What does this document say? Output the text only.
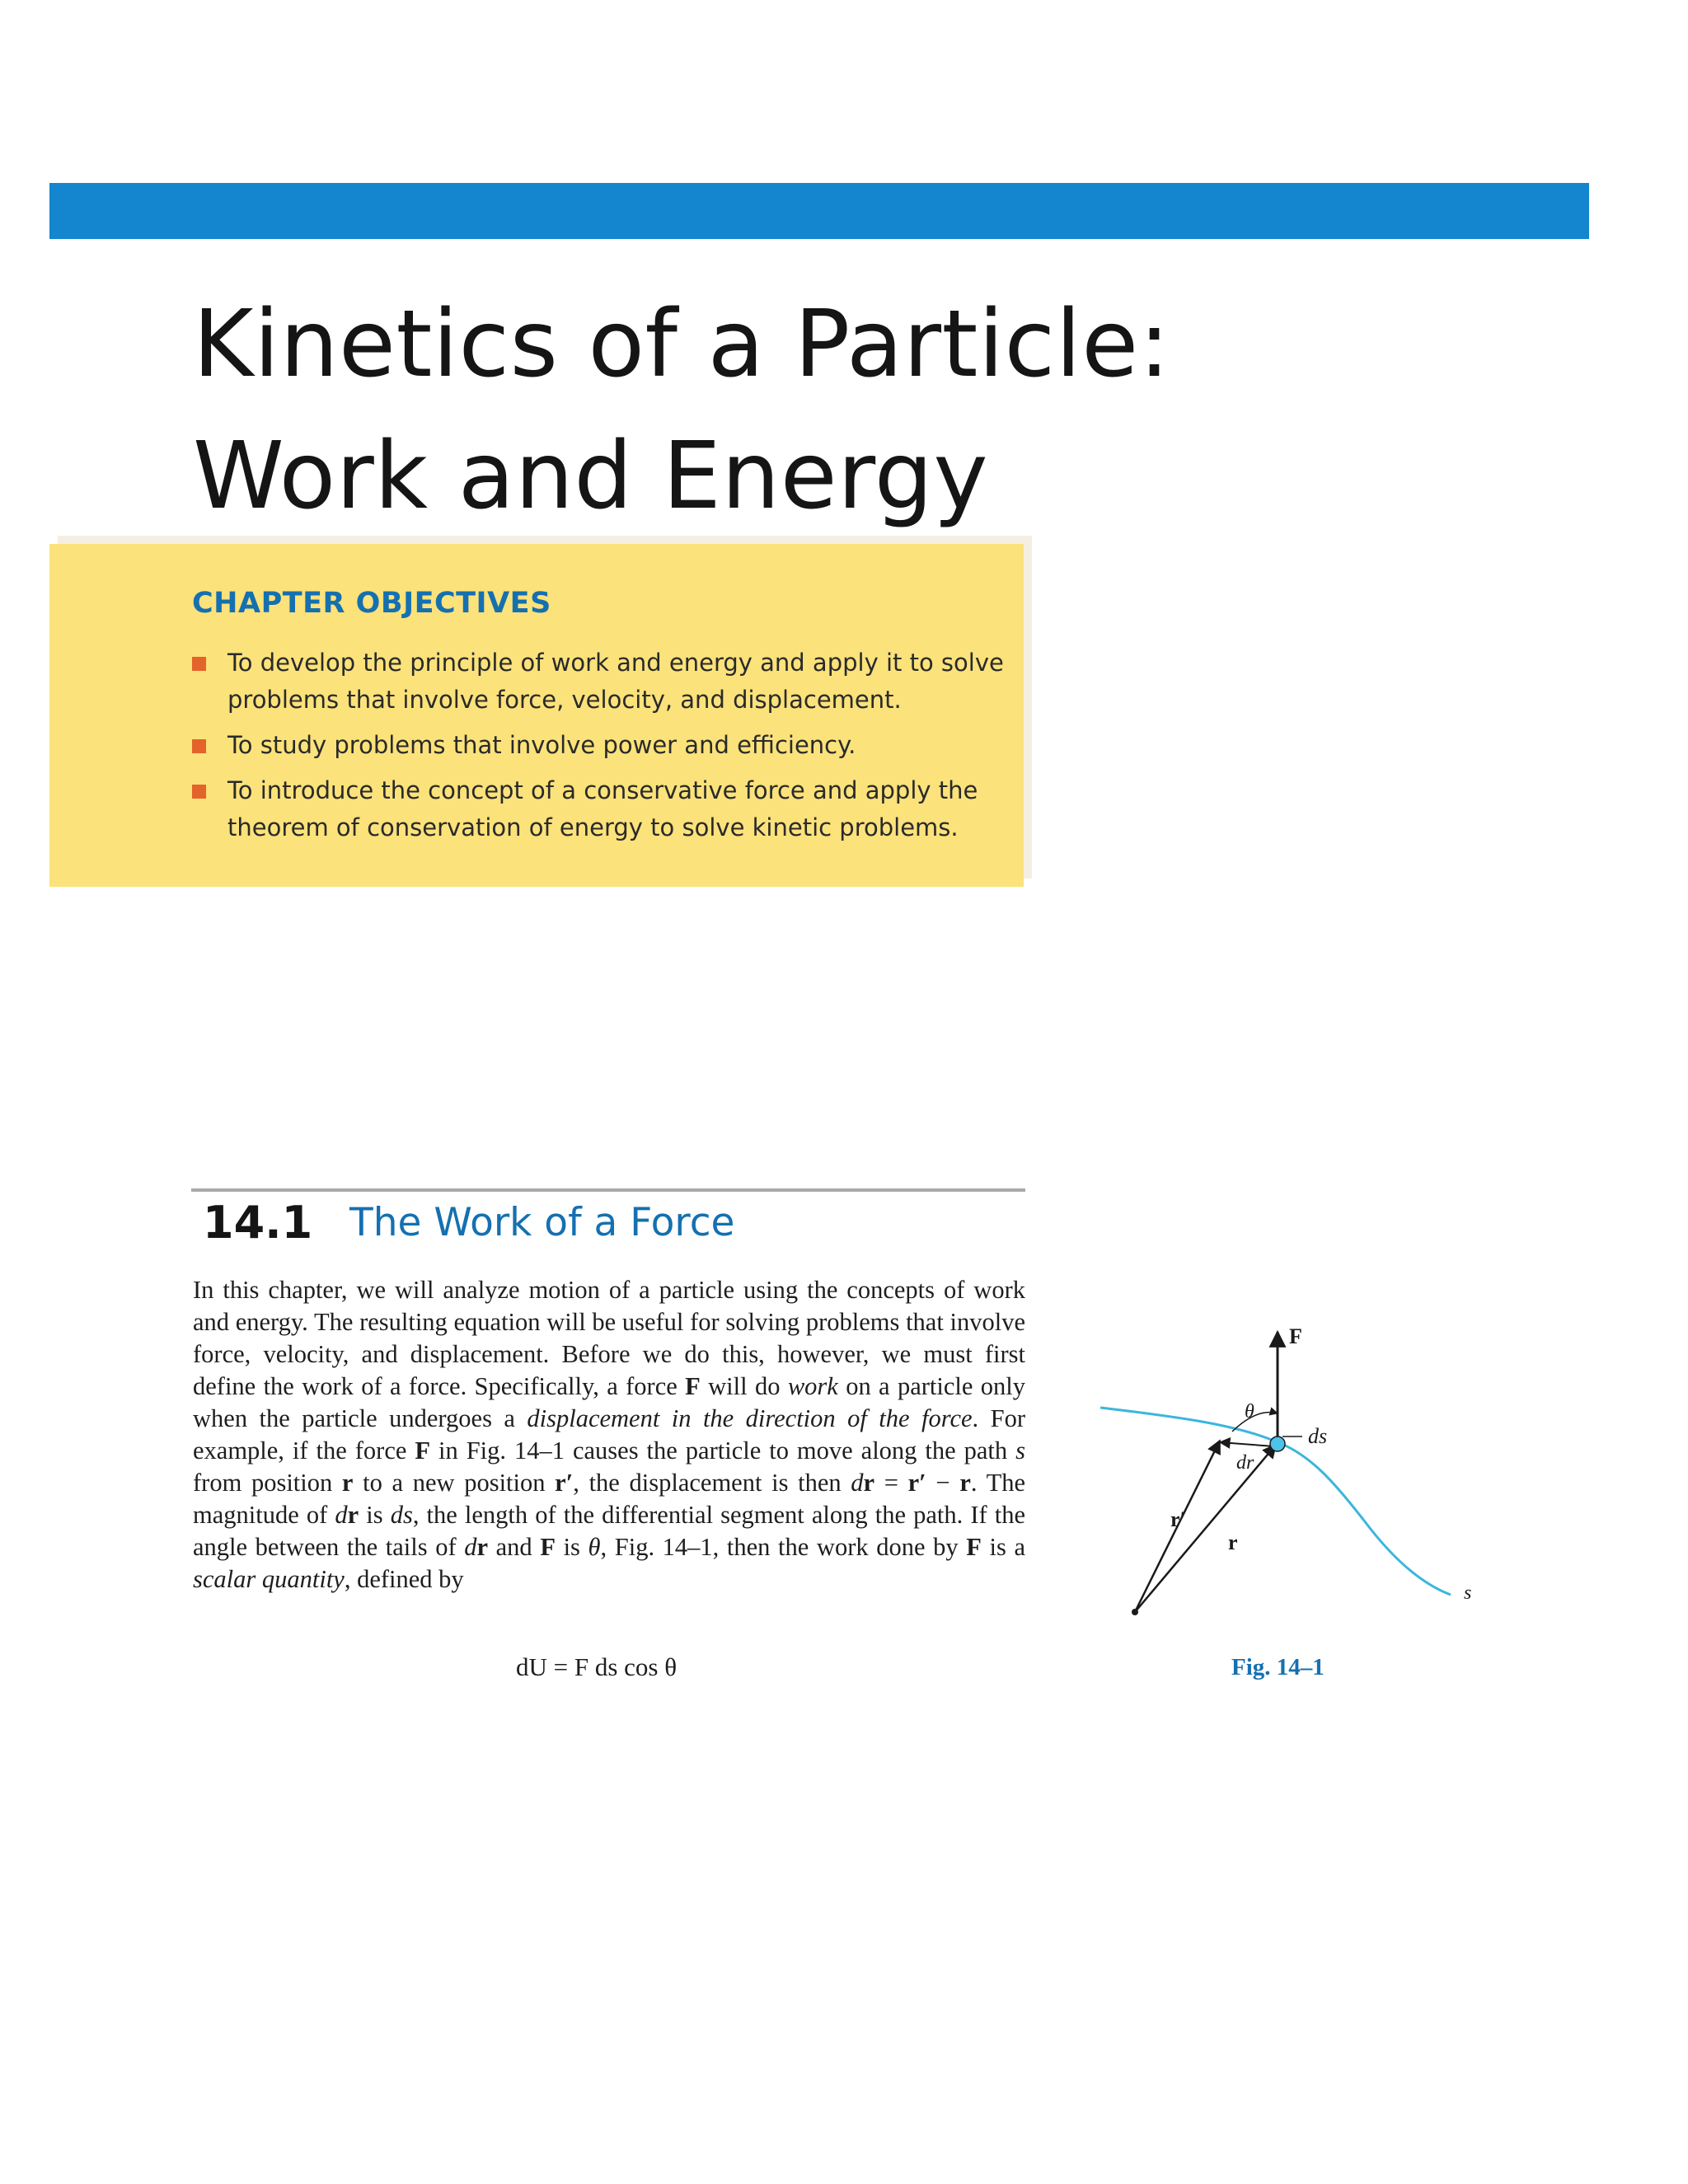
Kinetics of a Particle:
Work and Energy
CHAPTER OBJECTIVES
To develop the principle of work and energy and apply it to solve problems that involve force, velocity, and displacement.
To study problems that involve power and efficiency.
To introduce the concept of a conservative force and apply the theorem of conservation of energy to solve kinetic problems.
14.1 The Work of a Force
In this chapter, we will analyze motion of a particle using the concepts of work and energy. The resulting equation will be useful for solving problems that involve force, velocity, and displacement. Before we do this, however, we must first define the work of a force. Specifically, a force F will do work on a particle only when the particle undergoes a displacement in the direction of the force. For example, if the force F in Fig. 14–1 causes the particle to move along the path s from position r to a new position r′, the displacement is then dr = r′ − r. The magnitude of dr is ds, the length of the differential segment along the path. If the angle between the tails of dr and F is θ, Fig. 14–1, then the work done by F is a scalar quantity, defined by
dU = F ds cos θ
F
θ
ds
dr
r′
r
s
Fig. 14–1
